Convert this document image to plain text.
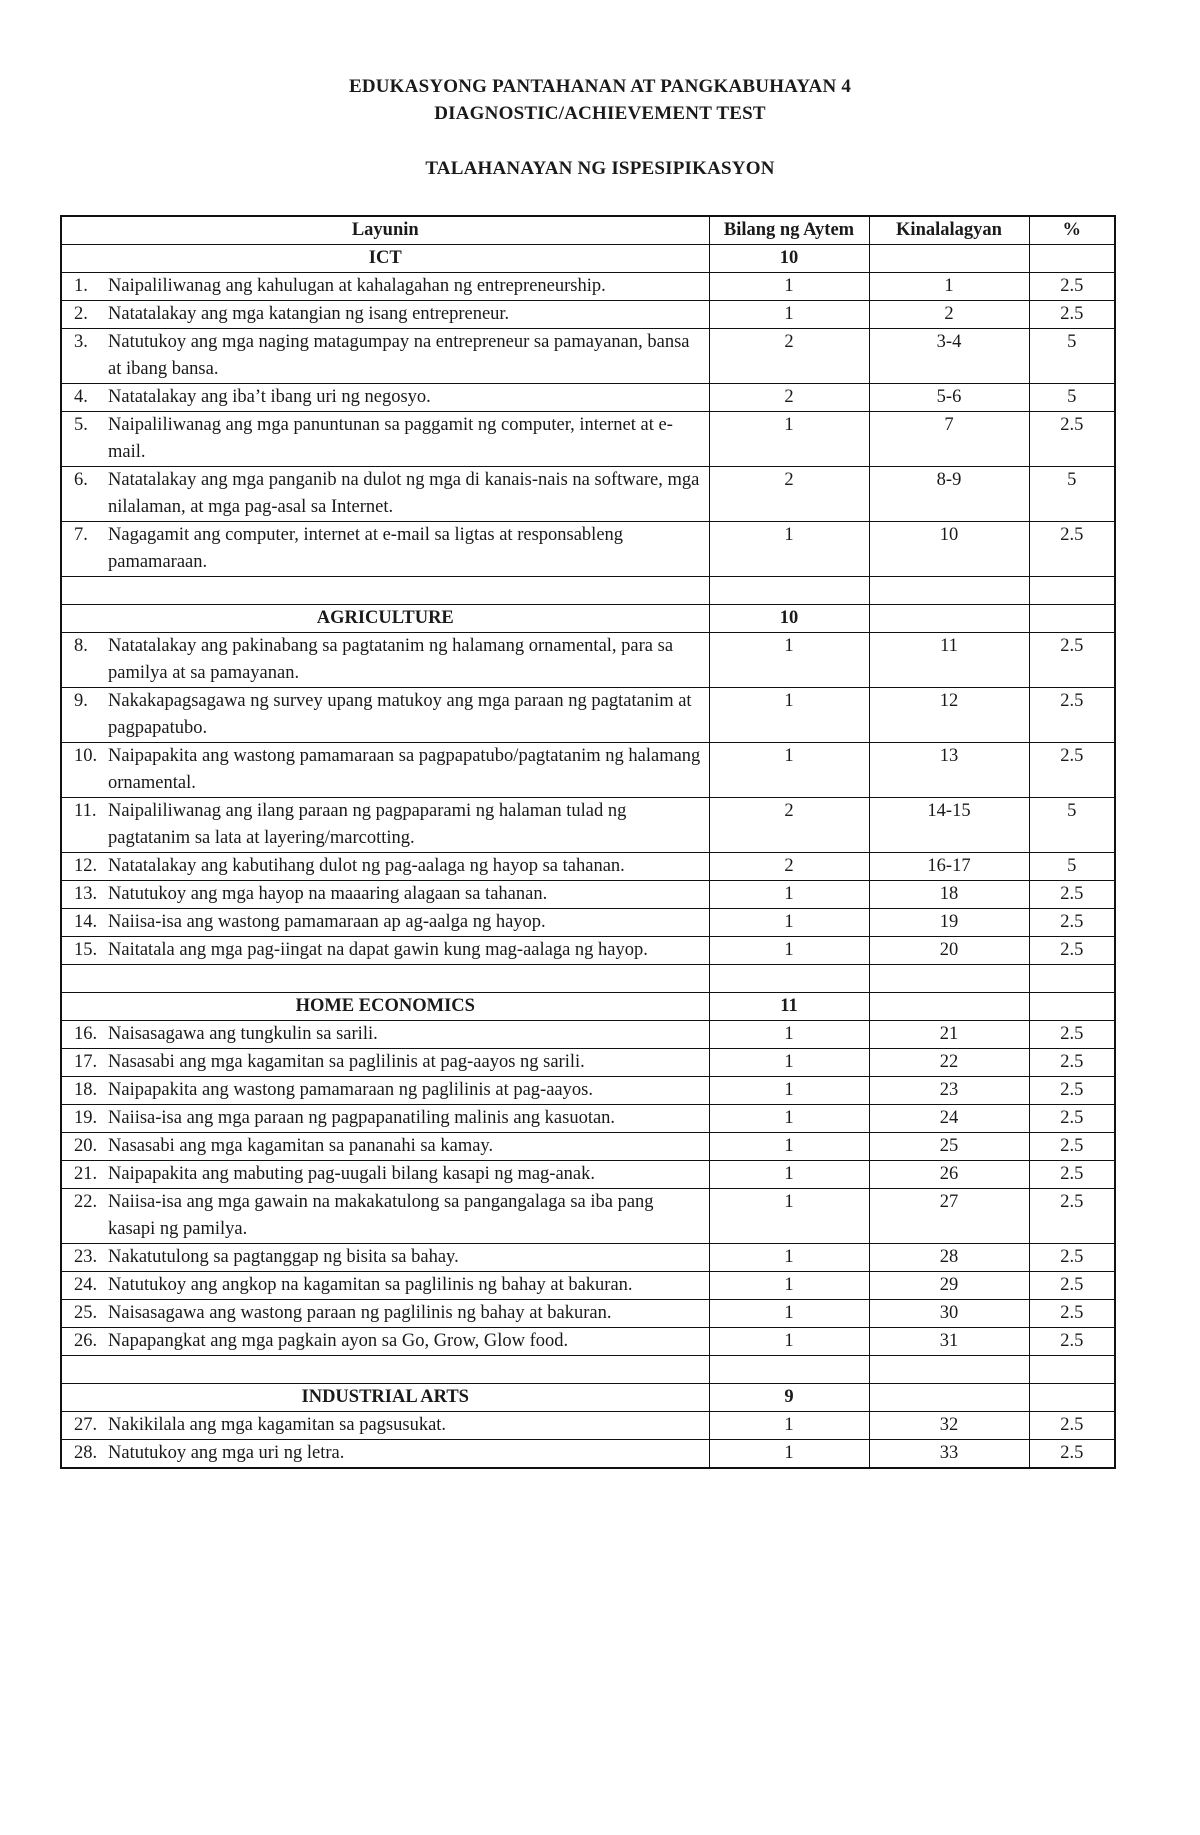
EDUKASYONG PANTAHANAN AT PANGKABUHAYAN 4
DIAGNOSTIC/ACHIEVEMENT TEST
TALAHANAYAN NG ISPESIPIKASYON
Layunin	Bilang ng Aytem	Kinalalagyan	%
ICT	10		

1. Naipaliliwanag ang kahulugan at kahalagahan ng entrepreneurship.	1	1	2.5

2. Natatalakay ang mga katangian ng isang entrepreneur.	1	2	2.5

3. Natutukoy ang mga naging matagumpay na entrepreneur sa pamayanan, bansa at ibang bansa.	2	3-4	5

4. Natatalakay ang iba’t ibang uri ng negosyo.	2	5-6	5

5. Naipaliliwanag ang mga panuntunan sa paggamit ng computer, internet at e-mail.	1	7	2.5

6. Natatalakay ang mga panganib na dulot ng mga di kanais-nais na software, mga nilalaman, at mga pag-asal sa Internet.	2	8-9	5

7. Nagagamit ang computer, internet at e-mail sa ligtas at responsableng pamamaraan.	1	10	2.5

AGRICULTURE	10		

8. Natatalakay ang pakinabang sa pagtatanim ng halamang ornamental, para sa pamilya at sa pamayanan.	1	11	2.5

9. Nakakapagsagawa ng survey upang matukoy ang mga paraan ng pagtatanim at pagpapatubo.	1	12	2.5

10. Naipapakita ang wastong pamamaraan sa pagpapatubo/pagtatanim ng halamang ornamental.	1	13	2.5

11. Naipaliliwanag ang ilang paraan ng pagpaparami ng halaman tulad ng pagtatanim sa lata at layering/marcotting.	2	14-15	5

12. Natatalakay ang kabutihang dulot ng pag-aalaga ng hayop sa tahanan.	2	16-17	5

13. Natutukoy ang mga hayop na maaaring alagaan sa tahanan.	1	18	2.5

14. Naiisa-isa ang wastong pamamaraan ap ag-aalga ng hayop.	1	19	2.5

15. Naitatala ang mga pag-iingat na dapat gawin kung mag-aalaga ng hayop.	1	20	2.5

HOME ECONOMICS	11		

16. Naisasagawa ang tungkulin sa sarili.	1	21	2.5

17. Nasasabi ang mga kagamitan sa paglilinis at pag-aayos ng sarili.	1	22	2.5

18. Naipapakita ang wastong pamamaraan ng paglilinis at pag-aayos.	1	23	2.5

19. Naiisa-isa ang mga paraan ng pagpapanatiling malinis ang kasuotan.	1	24	2.5

20. Nasasabi ang mga kagamitan sa pananahi sa kamay.	1	25	2.5

21. Naipapakita ang mabuting pag-uugali bilang kasapi ng mag-anak.	1	26	2.5

22. Naiisa-isa ang mga gawain na makakatulong sa pangangalaga sa iba pang kasapi ng pamilya.	1	27	2.5

23. Nakatutulong sa pagtanggap ng bisita sa bahay.	1	28	2.5

24. Natutukoy ang angkop na kagamitan sa paglilinis ng bahay at bakuran.	1	29	2.5

25. Naisasagawa ang wastong paraan ng paglilinis ng bahay at bakuran.	1	30	2.5

26. Napapangkat ang mga pagkain ayon sa Go, Grow, Glow food.	1	31	2.5

INDUSTRIAL ARTS	9		

27. Nakikilala ang mga kagamitan sa pagsusukat.	1	32	2.5

28. Natutukoy ang mga uri ng letra.	1	33	2.5
